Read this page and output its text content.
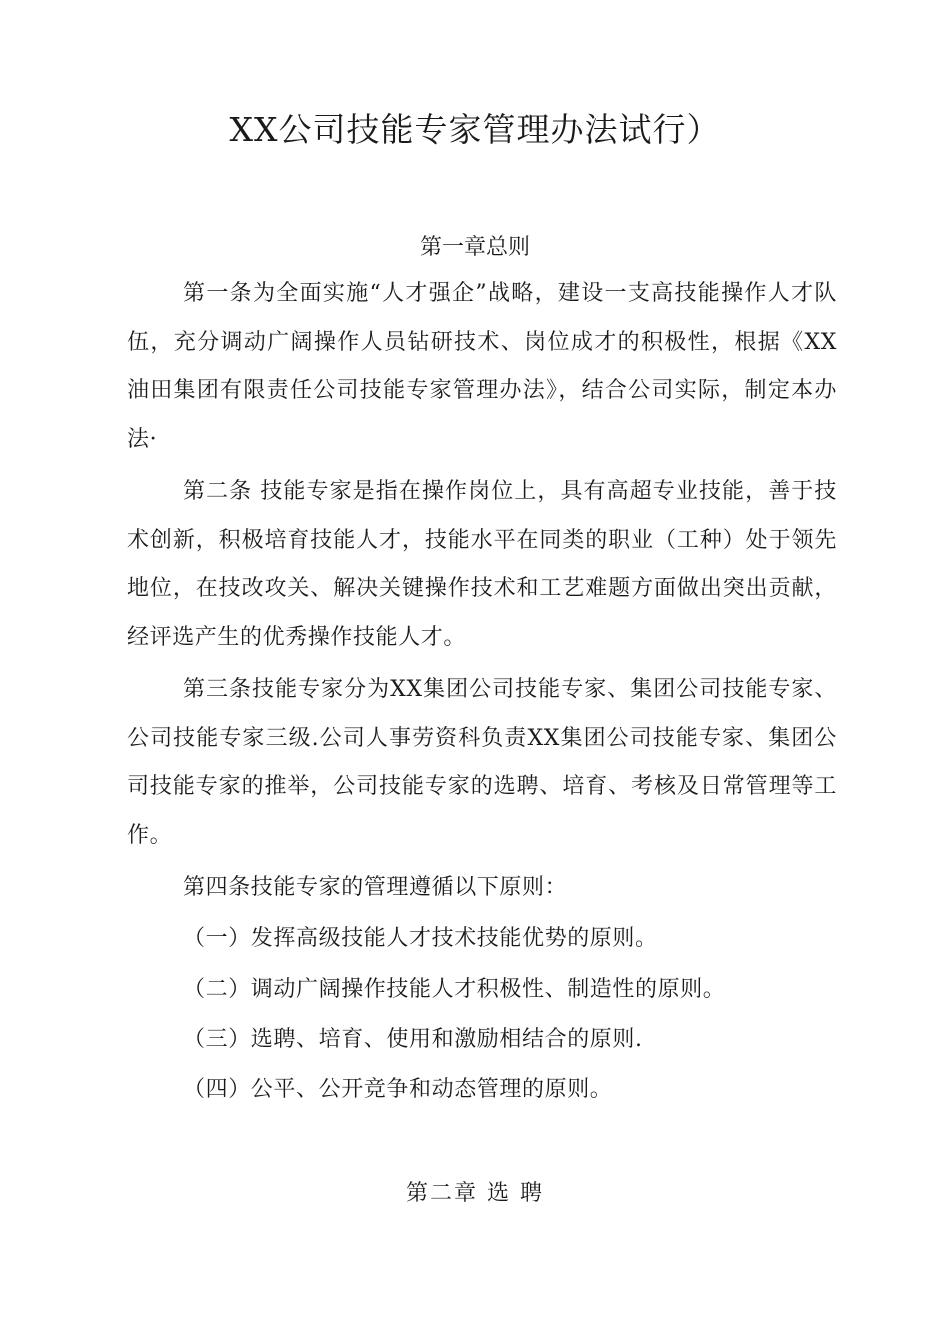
XX公司技能专家管理办法试行）
第一章总则

第一条为全面实施“人才强企”战略，建设一支高技能操作人才队伍，充分调动广阔操作人员钻研技术、岗位成才的积极性，根据《XX油田集团有限责任公司技能专家管理办法》，结合公司实际，制定本办法·

第二条 技能专家是指在操作岗位上，具有高超专业技能，善于技术创新，积极培育技能人才，技能水平在同类的职业（工种）处于领先地位，在技改攻关、解决关键操作技术和工艺难题方面做出突出贡献，经评选产生的优秀操作技能人才。

第三条技能专家分为XX集团公司技能专家、集团公司技能专家、公司技能专家三级.公司人事劳资科负责XX集团公司技能专家、集团公司技能专家的推举，公司技能专家的选聘、培育、考核及日常管理等工作。

第四条技能专家的管理遵循以下原则：

（一）发挥高级技能人才技术技能优势的原则。

（二）调动广阔操作技能人才积极性、制造性的原则。

（三）选聘、培育、使用和激励相结合的原则.

（四）公平、公开竞争和动态管理的原则。

第二章 选 聘
